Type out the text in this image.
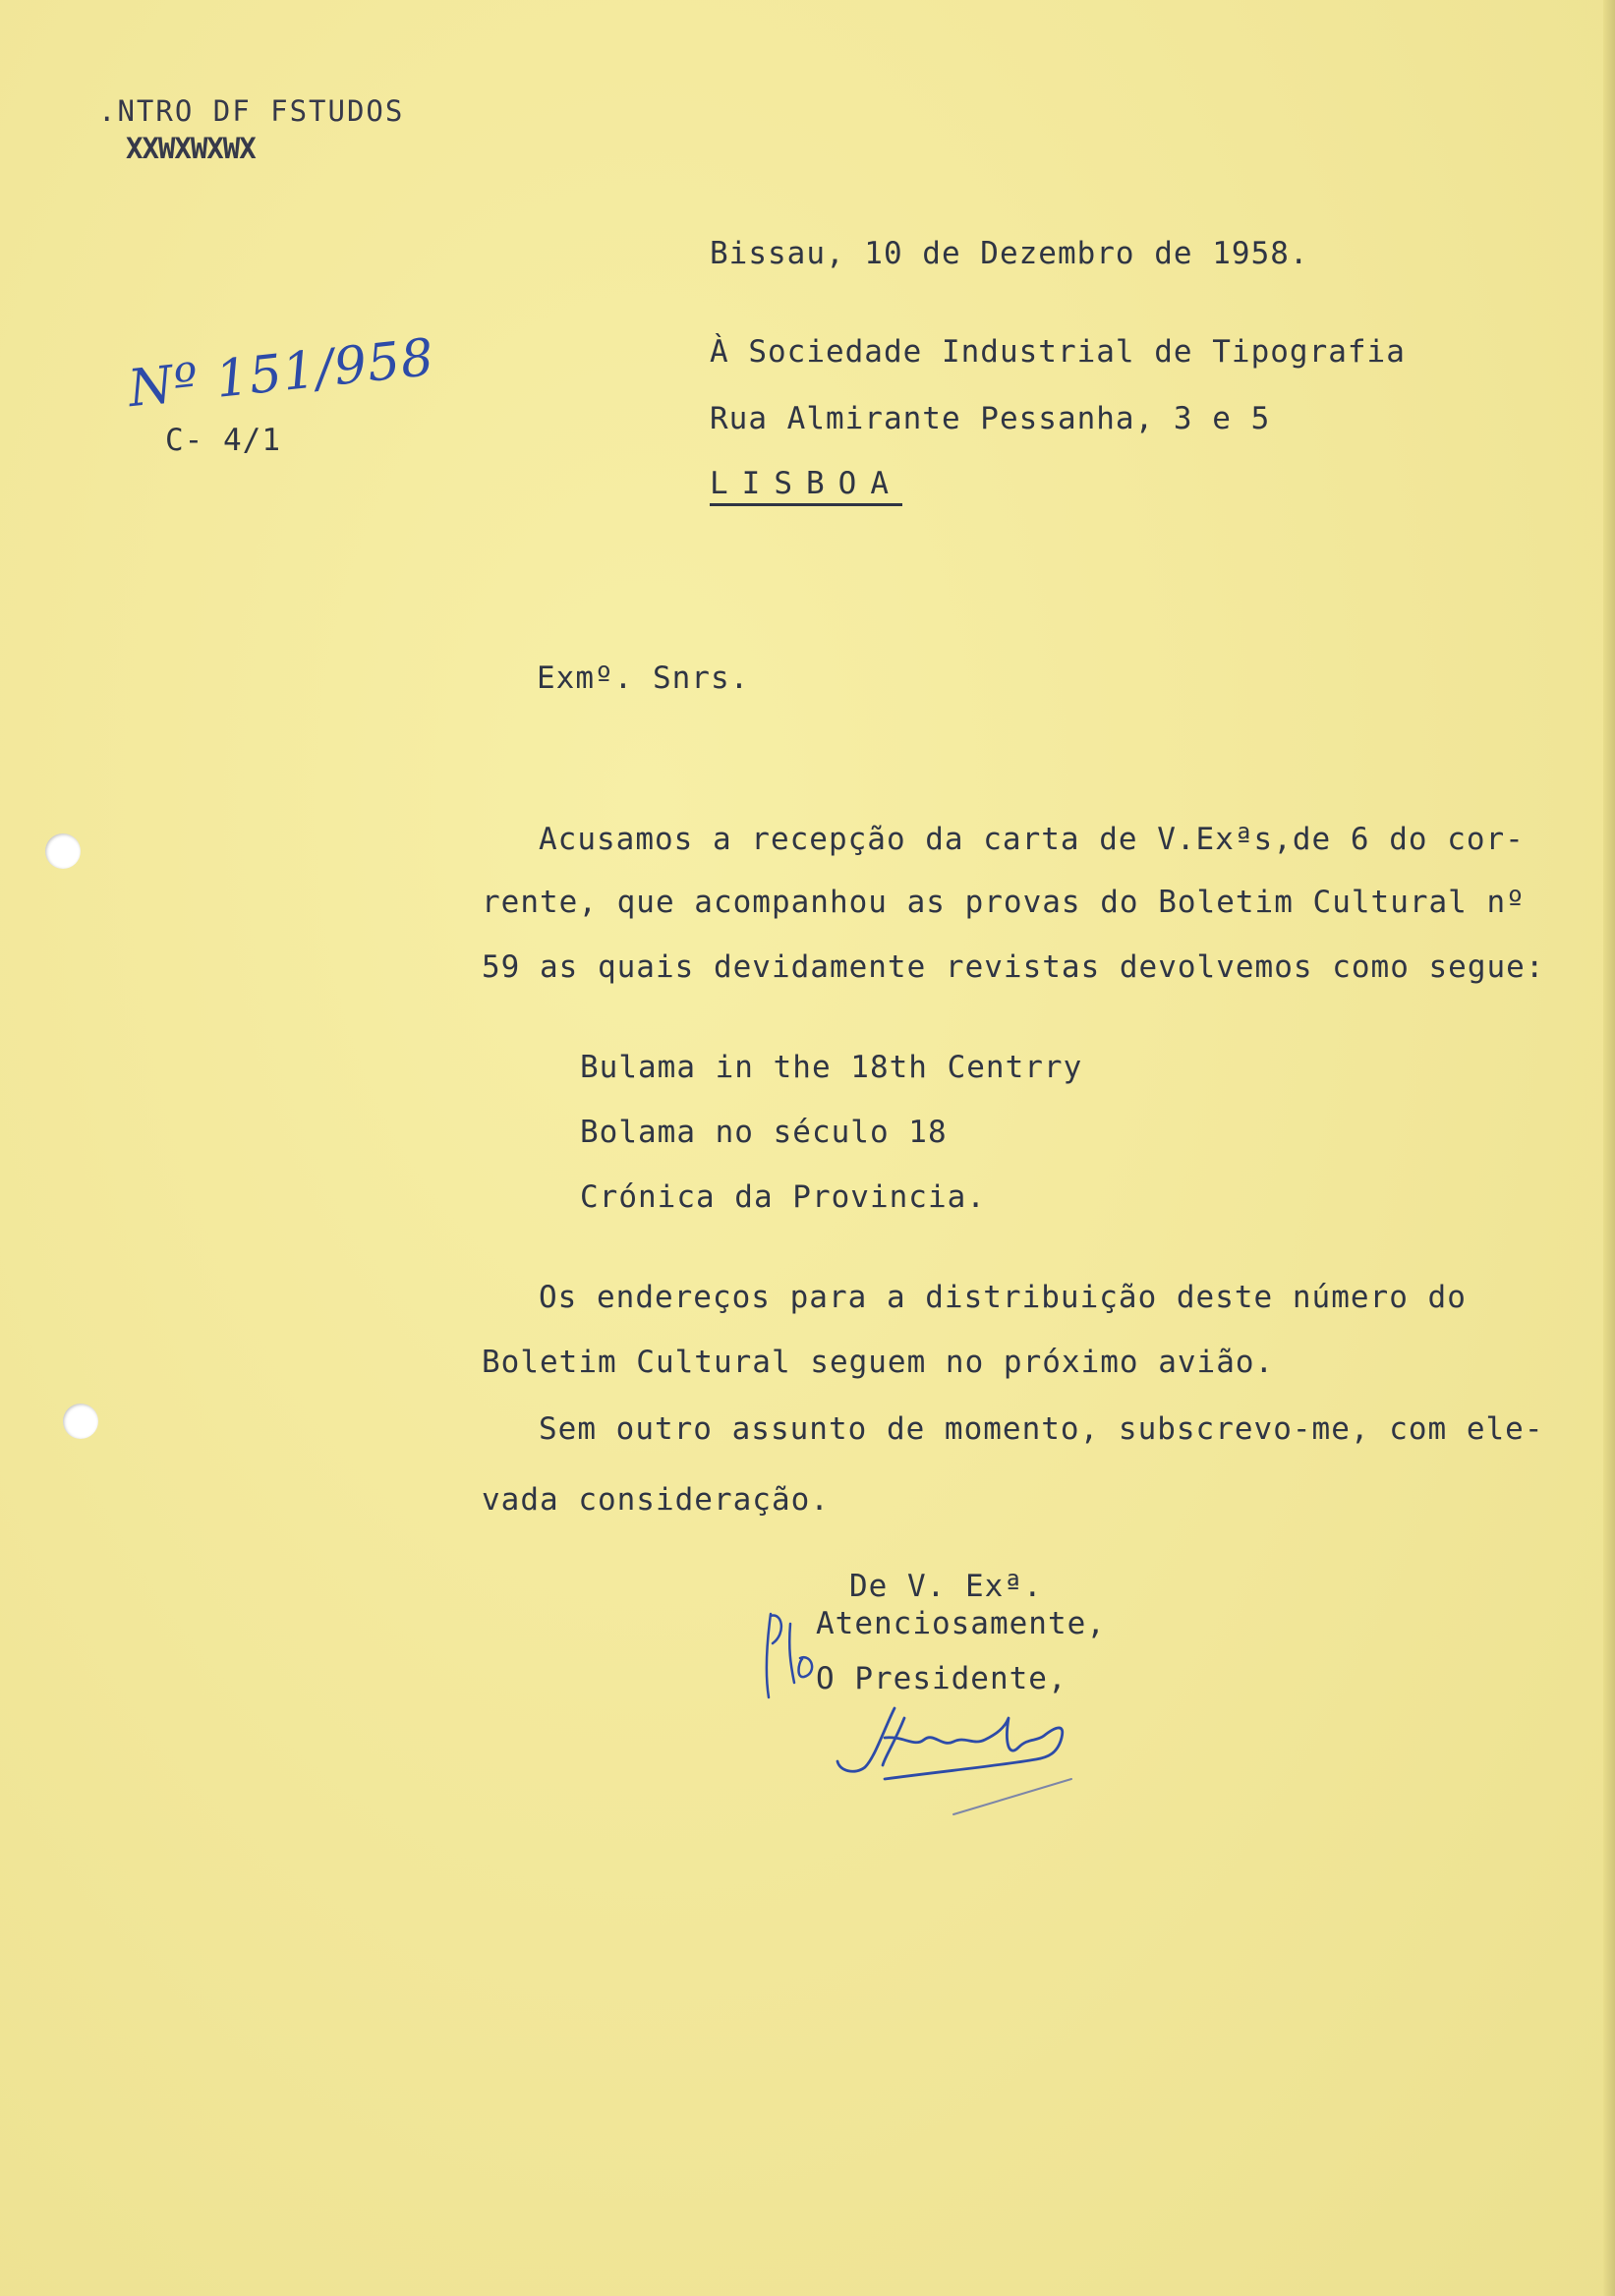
.NTRO DF FSTUDOS
XXWXWXWX
Nº 151/958
C- 4/1
Bissau, 10 de Dezembro de 1958.
À Sociedade Industrial de Tipografia
Rua Almirante Pessanha, 3 e 5
LISBOA
Exmº. Snrs.
Acusamos a recepção da carta de V.Exªs,de 6 do cor-
rente, que acompanhou as provas do Boletim Cultural nº
59 as quais devidamente revistas devolvemos como segue:
Bulama in the 18th Centrry
Bolama no século 18
Crónica da Provincia.
Os endereços para a distribuição deste número do
Boletim Cultural seguem no próximo avião.
Sem outro assunto de momento, subscrevo-me, com ele-
vada consideração.
De V. Exª.
Atenciosamente,
O Presidente,
